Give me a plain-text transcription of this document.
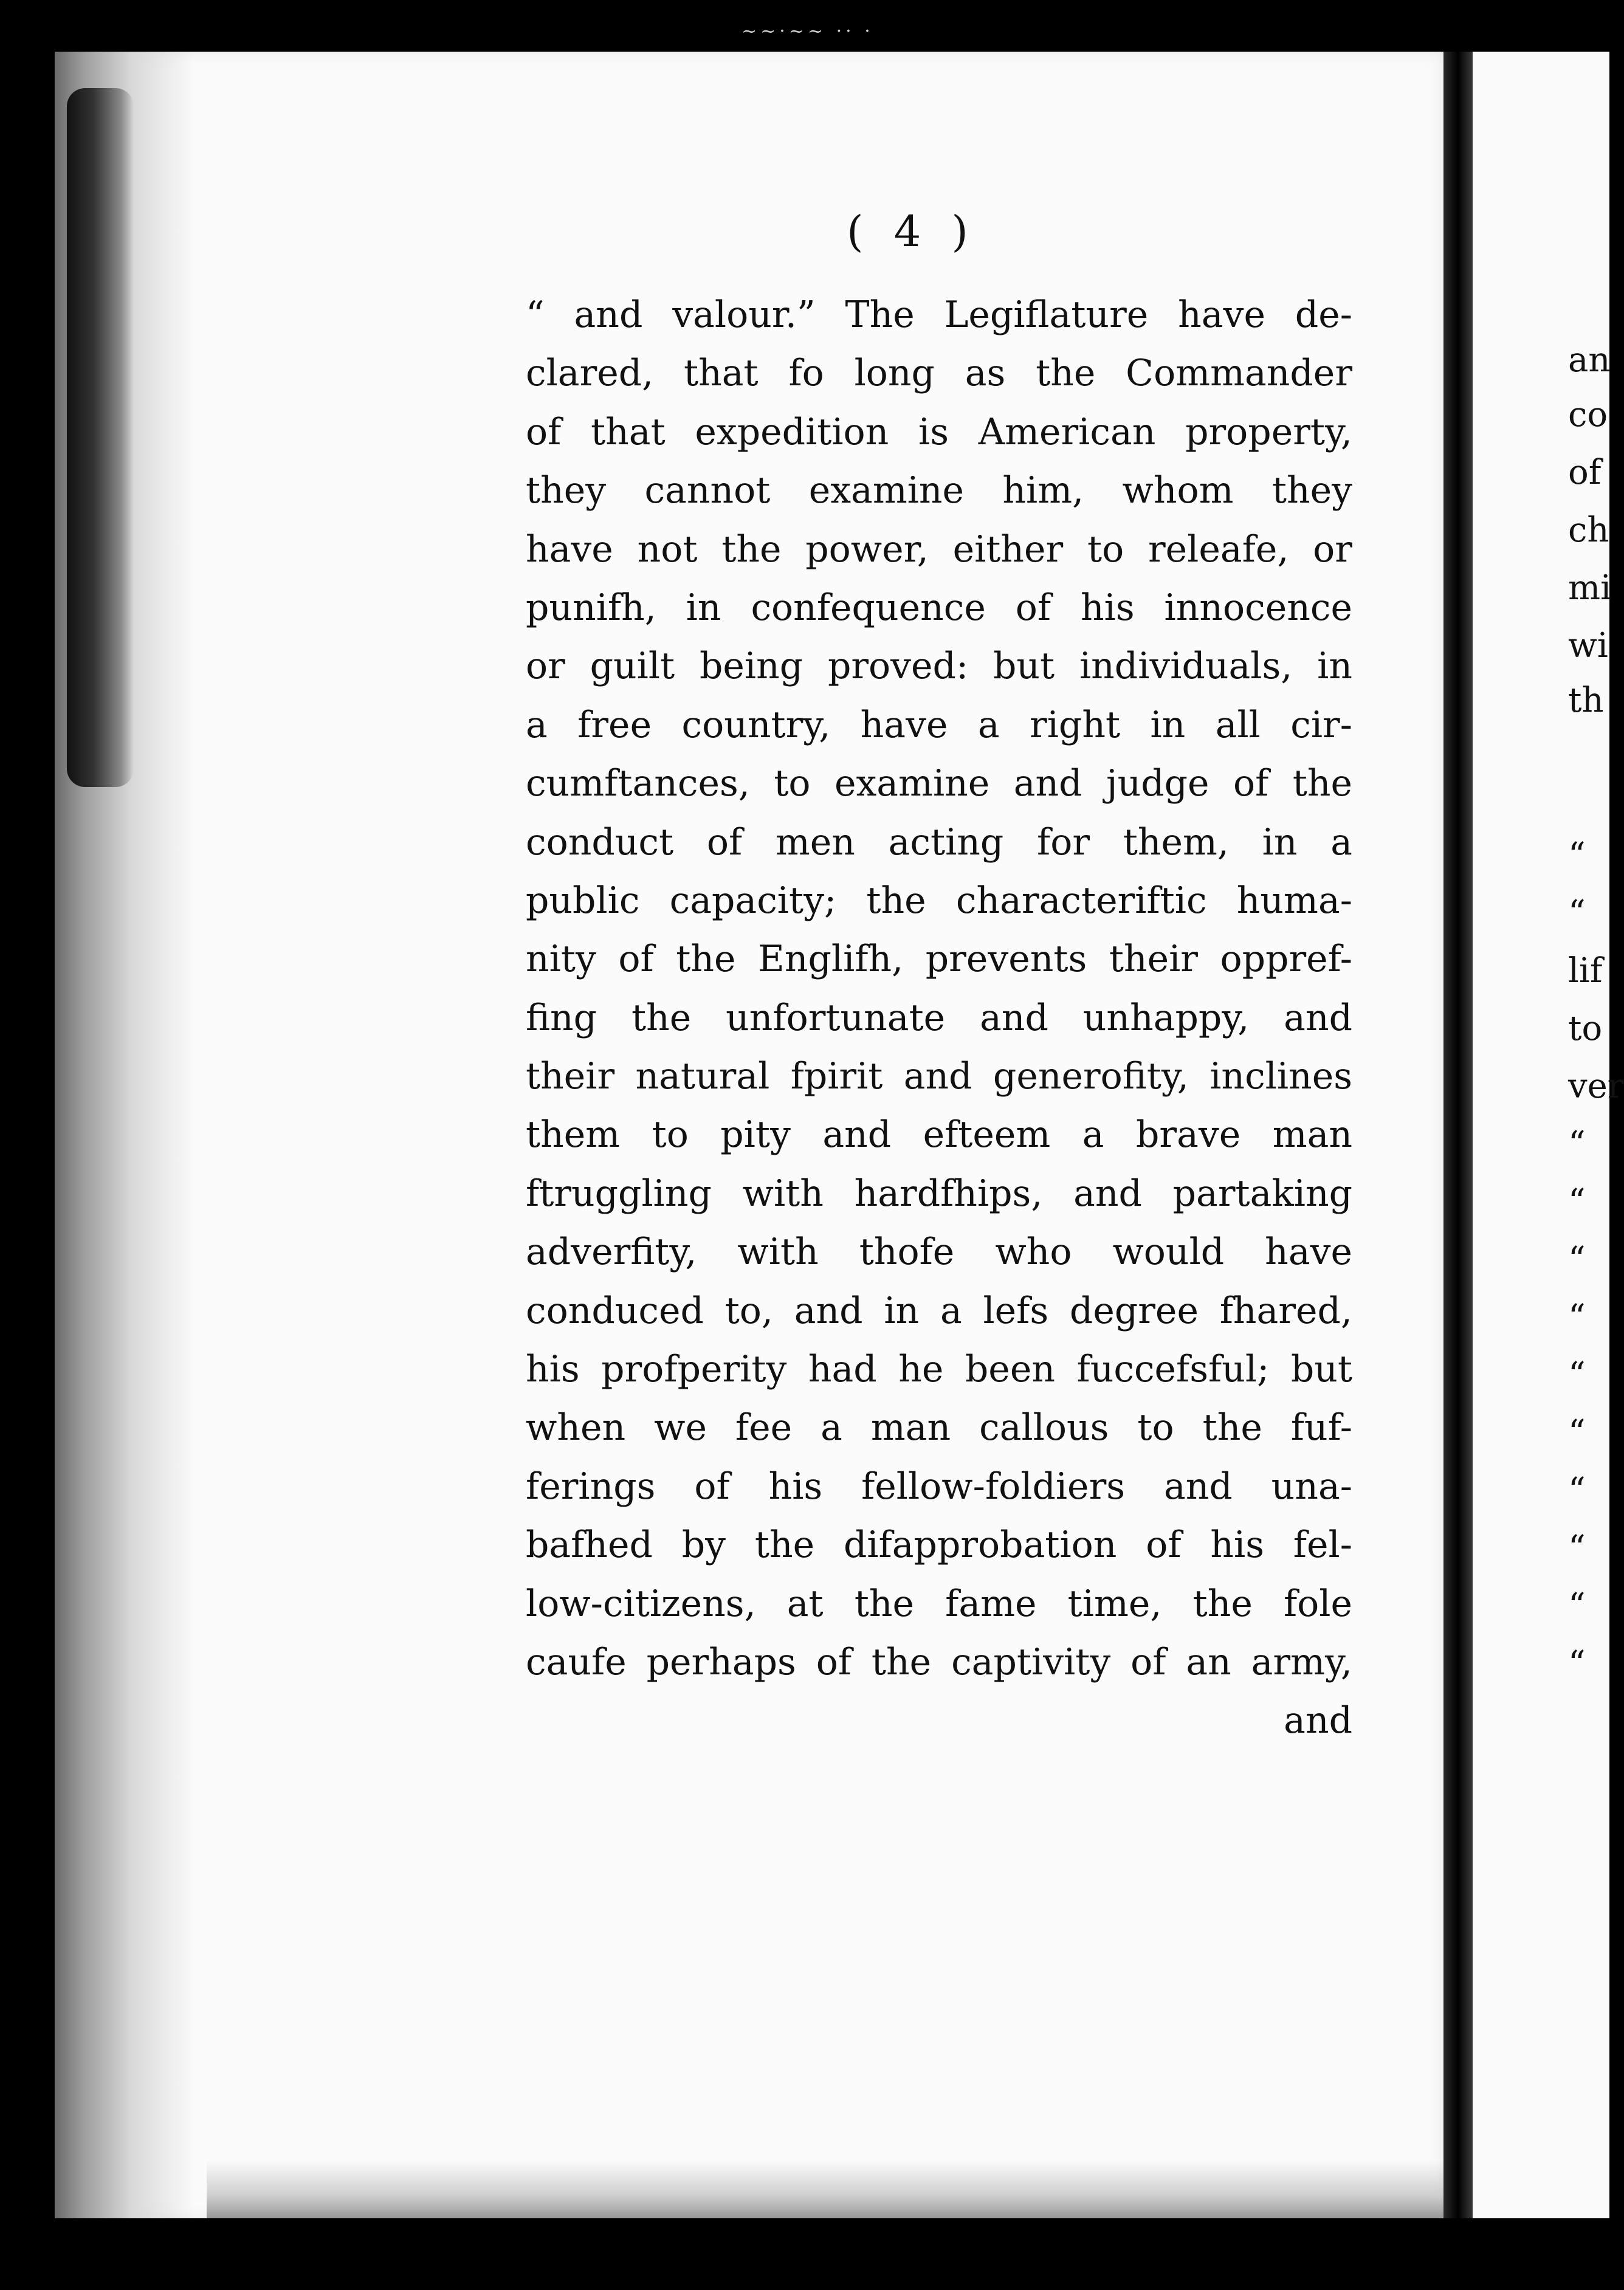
~~·~~ ·· ·
( 4 )
“ and valour.” The Legiflature have de-
clared, that fo long as the Commander
of that expedition is American property,
they cannot examine him, whom they
have not the power, either to releafe, or
punifh, in confequence of his innocence
or guilt being proved: but individuals, in
a free country, have a right in all cir-
cumftances, to examine and judge of the
conduct of men acting for them, in a
public capacity; the characteriftic huma-
nity of the Englifh, prevents their oppref-
fing the unfortunate and unhappy, and
their natural fpirit and generofity, inclines
them to pity and efteem a brave man
ftruggling with hardfhips, and partaking
adverfity, with thofe who would have
conduced to, and in a lefs degree fhared,
his profperity had he been fuccefsful; but
when we fee a man callous to the fuf-
ferings of his fellow-foldiers and una-
bafhed by the difapprobation of his fel-
low-citizens, at the fame time, the fole
caufe perhaps of the captivity of an army,
and
an
co
of
ch
mi
wi
th
“
“
lif
to
ver
“
“
“
“
“
“
“
“
“
“
